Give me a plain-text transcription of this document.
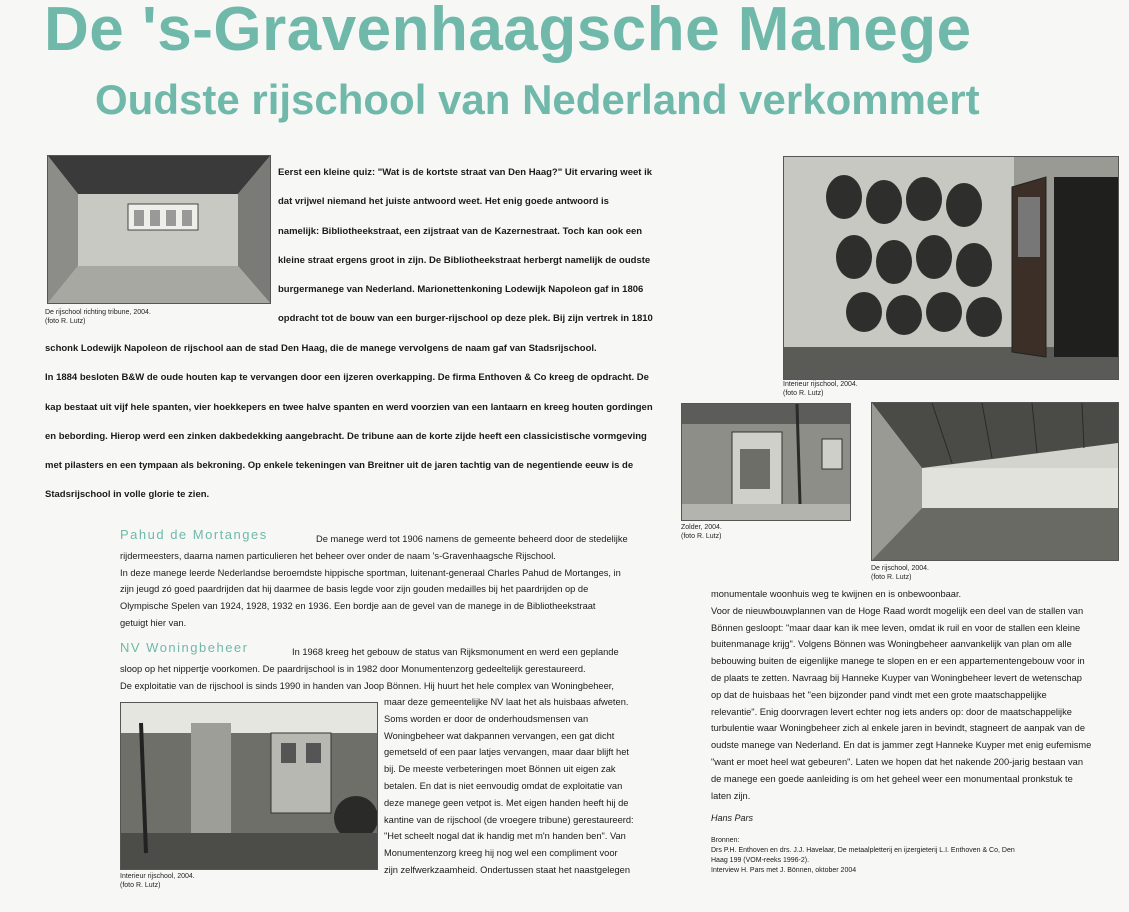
De 's-Gravenhaagsche Manege
Oudste rijschool van Nederland verkommert
De rijschool richting tribune, 2004.
(foto R. Lutz)

Eerst een kleine quiz: "Wat is de kortste straat van Den Haag?" Uit ervaring weet ik

dat vrijwel niemand het juiste antwoord weet. Het enig goede antwoord is

namelijk: Bibliotheekstraat, een zijstraat van de Kazernestraat. Toch kan ook een

kleine straat ergens groot in zijn. De Bibliotheekstraat herbergt namelijk de oudste

burgermanege van Nederland. Marionettenkoning Lodewijk Napoleon gaf in 1806

opdracht tot de bouw van een burger-rijschool op deze plek. Bij zijn vertrek in 1810

schonk Lodewijk Napoleon de rijschool aan de stad Den Haag, die de manege vervolgens de naam gaf van Stadsrijschool.

In 1884 besloten B&W de oude houten kap te vervangen door een ijzeren overkapping. De firma Enthoven & Co kreeg de opdracht. De

kap bestaat uit vijf hele spanten, vier hoekkepers en twee halve spanten en werd voorzien van een lantaarn en kreeg houten gordingen

en bebording. Hierop werd een zinken dakbedekking aangebracht. De tribune aan de korte zijde heeft een classicistische vormgeving

met pilasters en een tympaan als bekroning. Op enkele tekeningen van Breitner uit de jaren tachtig van de negentiende eeuw is de

Stadsrijschool in volle glorie te zien.

Interieur rijschool, 2004.
(foto R. Lutz)
Zolder, 2004.
(foto R. Lutz)
De rijschool, 2004.
(foto R. Lutz)
Pahud de Mortanges	De manege werd tot 1906 namens de gemeente beheerd door de stedelijke

rijdermeesters, daarna namen particulieren het beheer over onder de naam 's-Gravenhaagsche Rijschool.

In deze manege leerde Nederlandse beroemdste hippische sportman, luitenant-generaal Charles Pahud de Mortanges, in

zijn jeugd zó goed paardrijden dat hij daarmee de basis legde voor zijn gouden medailles bij het paardrijden op de

Olympische Spelen van 1924, 1928, 1932 en 1936. Een bordje aan de gevel van de manege in de Bibliotheekstraat

getuigt hier van.

NV Woningbeheer	In 1968 kreeg het gebouw de status van Rijksmonument en werd een geplande

sloop op het nippertje voorkomen. De paardrijschool is in 1982 door Monumentenzorg gedeeltelijk gerestaureerd.

De exploitatie van de rijschool is sinds 1990 in handen van Joop Bönnen. Hij huurt het hele complex van Woningbeheer,

maar deze gemeentelijke NV laat het als huisbaas afweten.

Soms worden er door de onderhoudsmensen van

Woningbeheer wat dakpannen vervangen, een gat dicht

gemetseld of een paar latjes vervangen, maar daar blijft het

bij. De meeste verbeteringen moet Bönnen uit eigen zak

betalen. En dat is niet eenvoudig omdat de exploitatie van

deze manege geen vetpot is. Met eigen handen heeft hij de

kantine van de rijschool (de vroegere tribune) gerestaureerd:

"Het scheelt nogal dat ik handig met m'n handen ben". Van

Monumentenzorg kreeg hij nog wel een compliment voor

zijn zelfwerkzaamheid. Ondertussen staat het naastgelegen

Interieur rijschool, 2004.
(foto R. Lutz)

monumentale woonhuis weg te kwijnen en is onbewoonbaar.

Voor de nieuwbouwplannen van de Hoge Raad wordt mogelijk een deel van de stallen van

Bönnen gesloopt: "maar daar kan ik mee leven, omdat ik ruil en voor de stallen een kleine

buitenmanage krijg". Volgens Bönnen was Woningbeheer aanvankelijk van plan om alle

bebouwing buiten de eigenlijke manege te slopen en er een appartementengebouw voor in

de plaats te zetten. Navraag bij Hanneke Kuyper van Woningbeheer levert de wetenschap

op dat de huisbaas het "een bijzonder pand vindt met een grote maatschappelijke

relevantie". Enig doorvragen levert echter nog iets anders op: door de maatschappelijke

turbulentie waar Woningbeheer zich al enkele jaren in bevindt, stagneert de aanpak van de

oudste manege van Nederland. En dat is jammer zegt Hanneke Kuyper met enig eufemisme

"want er moet heel wat gebeuren". Laten we hopen dat het nakende 200-jarig bestaan van

de manege een goede aanleiding is om het geheel weer een monumentaal pronkstuk te

laten zijn.

Hans Pars
Bronnen:
Drs P.H. Enthoven en drs. J.J. Havelaar, De metaalpletterij en ijzergieterij L.I. Enthoven & Co, Den
Haag 199 (VOM-reeks 1996-2).
Interview H. Pars met J. Bönnen, oktober 2004
